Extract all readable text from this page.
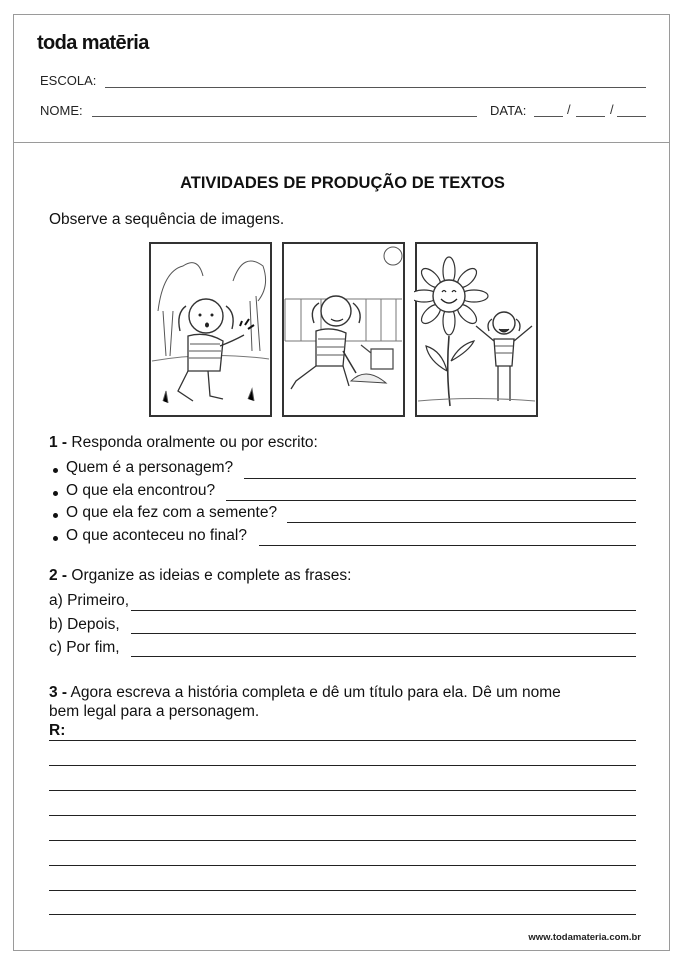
toda matēria
ESCOLA:
NOME:	DATA:	/	/
ATIVIDADES DE PRODUÇÃO DE TEXTOS
Observe a sequência de imagens.
1 - Responda oralmente ou por escrito:
Quem é a personagem?
O que ela encontrou?
O que ela fez com a semente?
O que aconteceu no final?
2 - Organize as ideias e complete as frases:
a) Primeiro,
b) Depois,
c) Por fim,
3 - Agora escreva a história completa e dê um título para ela. Dê um nome
bem legal para a personagem.
R:
www.todamateria.com.br
